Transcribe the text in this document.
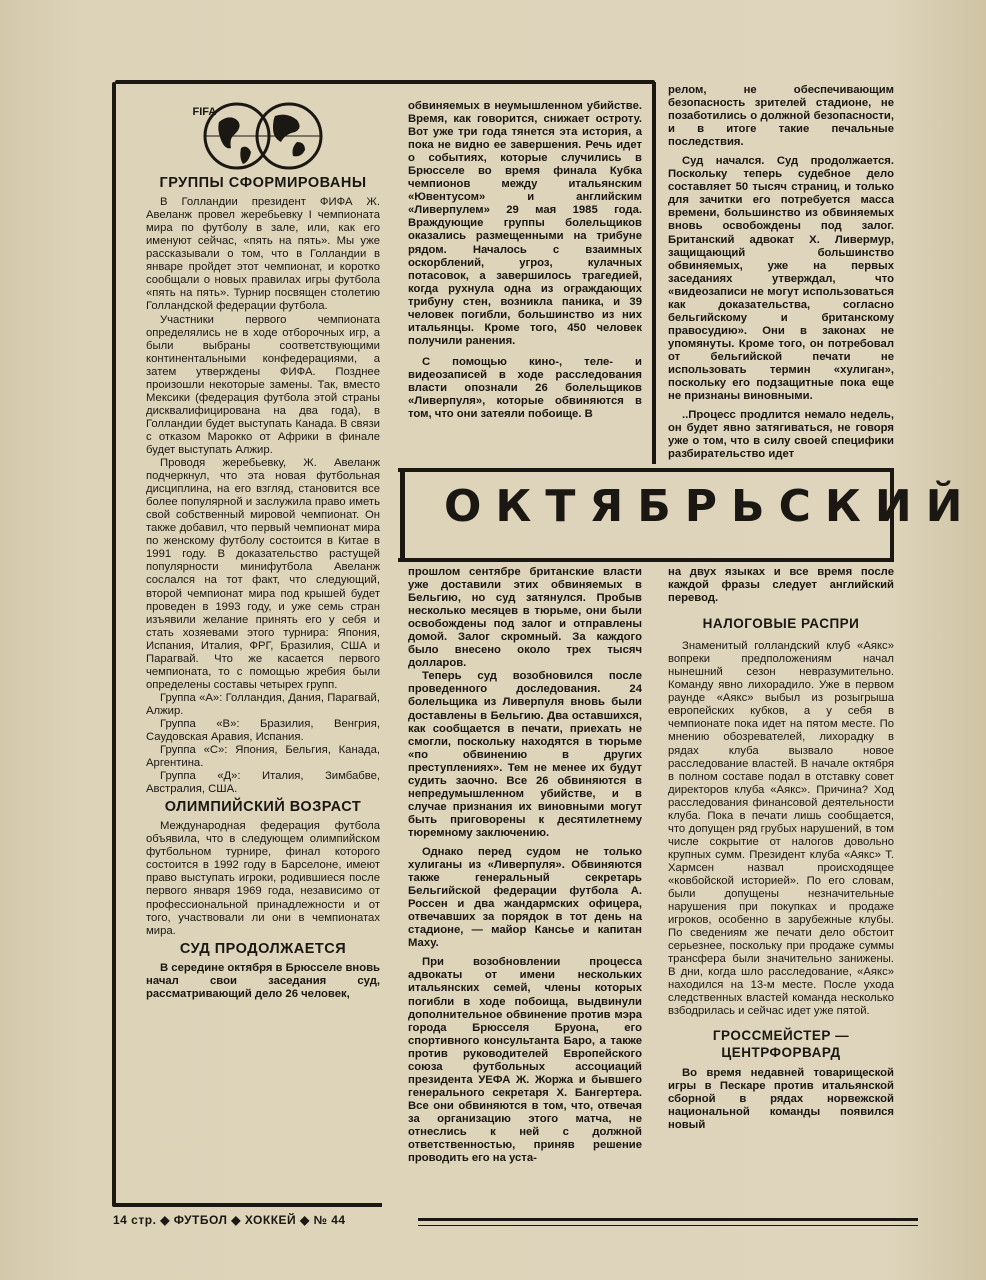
FIFA
ГРУППЫ СФОРМИРОВАНЫ

В Голландии президент ФИФА Ж. Авеланж провел жеребьевку I чемпионата мира по футболу в зале, или, как его именуют сейчас, «пять на пять». Мы уже рассказывали о том, что в Голландии в январе пройдет этот чемпионат, и коротко сообщали о новых правилах игры футбола «пять на пять». Турнир посвящен столетию Голландской федерации футбола.

Участники первого чемпионата определялись не в ходе отборочных игр, а были выбраны соответствующими континентальными конфедерациями, а затем утверждены ФИФА. Позднее произошли некоторые замены. Так, вместо Мексики (федерация футбола этой страны дисквалифицирована на два года), в Голландии будет выступать Канада. В связи с отказом Марокко от Африки в финале будет выступать Алжир.

Проводя жеребьевку, Ж. Авеланж подчеркнул, что эта новая футбольная дисциплина, на его взгляд, становится все более популярной и заслужила право иметь свой собственный мировой чемпионат. Он также добавил, что первый чемпионат мира по женскому футболу состоится в Китае в 1991 году. В доказательство растущей популярности минифутбола Авеланж сослался на тот факт, что следующий, второй чемпионат мира под крышей будет проведен в 1993 году, и уже семь стран изъявили желание принять его у себя и стать хозяевами этого турнира: Япония, Испания, Италия, ФРГ, Бразилия, США и Парагвай. Что же касается первого чемпионата, то с помощью жребия были определены составы четырех групп.

Группа «А»: Голландия, Дания, Парагвай, Алжир.

Группа «В»: Бразилия, Венгрия, Саудовская Аравия, Испания.

Группа «С»: Япония, Бельгия, Канада, Аргентина.

Группа «Д»: Италия, Зимбабве, Австралия, США.

ОЛИМПИЙСКИЙ ВОЗРАСТ

Международная федерация футбола объявила, что в следующем олимпийском футбольном турнире, финал которого состоится в 1992 году в Барселоне, имеют право выступать игроки, родившиеся после первого января 1969 года, независимо от профессиональной принадлежности и от того, участвовали ли они в чемпионатах мира.

СУД ПРОДОЛЖАЕТСЯ

В середине октября в Брюсселе вновь начал свои заседания суд, рассматривающий дело 26 человек,

обвиняемых в неумышленном убийстве. Время, как говорится, снижает остроту. Вот уже три года тянется эта история, а пока не видно ее завершения. Речь идет о событиях, которые случились в Брюсселе во время финала Кубка чемпионов между итальянским «Ювентусом» и английским «Ливерпулем» 29 мая 1985 года. Враждующие группы болельщиков оказались размещенными на трибуне рядом. Началось с взаимных оскорблений, угроз, кулачных потасовок, а завершилось трагедией, когда рухнула одна из ограждающих трибуну стен, возникла паника, и 39 человек погибли, большинство из них итальянцы. Кроме того, 450 человек получили ранения.

С помощью кино-, теле- и видеозаписей в ходе расследования власти опознали 26 болельщиков «Ливерпуля», которые обвиняются в том, что они затеяли побоище. В

релом, не обеспечивающим безопасность зрителей стадионе, не позаботились о должной безопасности, и в итоге такие печальные последствия.

Суд начался. Суд продолжается. Поскольку теперь судебное дело составляет 50 тысяч страниц, и только для зачитки его потребуется масса времени, большинство из обвиняемых вновь освобождены под залог. Британский адвокат Х. Ливермур, защищающий большинство обвиняемых, уже на первых заседаниях утверждал, что «видеозаписи не могут использоваться как доказательства, согласно бельгийскому и британскому правосудию». Они в законах не упомянуты. Кроме того, он потребовал от бельгийской печати не использовать термин «хулиган», поскольку его подзащитные пока еще не признаны виновными.

..Процесс продлится немало недель, он будет явно затягиваться, не говоря уже о том, что в силу своей специфики разбирательство идет

ОКТЯБРЬСКИЙ

прошлом сентябре британские власти уже доставили этих обвиняемых в Бельгию, но суд затянулся. Пробыв несколько месяцев в тюрьме, они были освобождены под залог и отправлены домой. Залог скромный. За каждого было внесено около трех тысяч долларов.

Теперь суд возобновился после проведенного доследования. 24 болельщика из Ливерпуля вновь были доставлены в Бельгию. Два оставшихся, как сообщается в печати, приехать не смогли, поскольку находятся в тюрьме «по обвинению в других преступлениях». Тем не менее их будут судить заочно. Все 26 обвиняются в непредумышленном убийстве, и в случае признания их виновными могут быть приговорены к десятилетнему тюремному заключению.

Однако перед судом не только хулиганы из «Ливерпуля». Обвиняются также генеральный секретарь Бельгийской федерации футбола А. Россен и два жандармских офицера, отвечавших за порядок в тот день на стадионе, — майор Кансье и капитан Маху.

При возобновлении процесса адвокаты от имени нескольких итальянских семей, члены которых погибли в ходе побоища, выдвинули дополнительное обвинение против мэра города Брюсселя Бруона, его спортивного консультанта Баро, а также против руководителей Европейского союза футбольных ассоциаций президента УЕФА Ж. Жоржа и бывшего генерального секретаря Х. Бангертера. Все они обвиняются в том, что, отвечая за организацию этого матча, не отнеслись к ней с должной ответственностью, приняв решение проводить его на уста-

на двух языках и все время после каждой фразы следует английский перевод.

НАЛОГОВЫЕ РАСПРИ

Знаменитый голландский клуб «Аякс» вопреки предположениям начал нынешний сезон невразумительно. Команду явно лихорадило. Уже в первом раунде «Аякс» выбыл из розыгрыша европейских кубков, а у себя в чемпионате пока идет на пятом месте. По мнению обозревателей, лихорадку в рядах клуба вызвало новое расследование властей. В начале октября в полном составе подал в отставку совет директоров клуба «Аякс». Причина? Ход расследования финансовой деятельности клуба. Пока в печати лишь сообщается, что допущен ряд грубых нарушений, в том числе сокрытие от налогов довольно крупных сумм. Президент клуба «Аякс» Т. Хармсен назвал происходящее «ковбойской историей». По его словам, были допущены незначительные нарушения при покупках и продаже игроков, особенно в зарубежные клубы. По сведениям же печати дело обстоит серьезнее, поскольку при продаже суммы трансфера были значительно занижены. В дни, когда шло расследование, «Аякс» находился на 13-м месте. После ухода следственных властей команда несколько взбодрилась и сейчас идет уже пятой.

ГРОССМЕЙСТЕР — ЦЕНТРФОРВАРД

Во время недавней товарищеской игры в Пескаре против итальянской сборной в рядах норвежской национальной команды появился новый

14 стр. ◆ ФУТБОЛ ◆ ХОККЕЙ ◆ № 44
